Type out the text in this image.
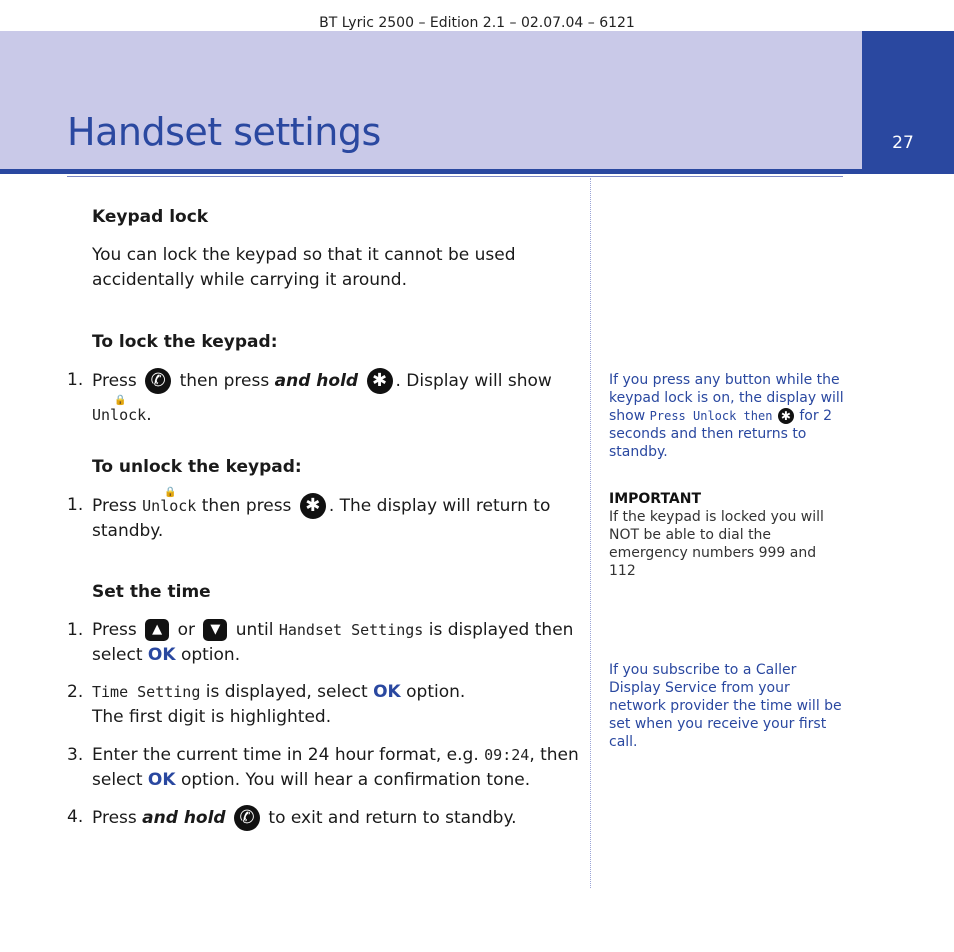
BT Lyric 2500 – Edition 2.1 – 02.07.04 – 6121
27
Handset settings
Keypad lock

You can lock the keypad so that it cannot be used accidentally while carrying it around.

To lock the keypad:
1. Press ✆ then press and hold ✱ . Display will show

🔒
Unlock.
To unlock the keypad:
1. Press
🔒
Unlock then press ✱ . The display will return to standby.
Set the time
1. Press ▲ or ▼ until Handset Settings is displayed then select OK option.
2. Time Setting is displayed, select OK option.
The first digit is highlighted.
3. Enter the current time in 24 hour format, e.g. 09:24, then select OK option. You will hear a confirmation tone.
4. Press and hold ✆ to exit and return to standby.
If you press any button while the keypad lock is on, the display will show Press Unlock then ✱ for 2 seconds and then returns to standby.
IMPORTANT
If the keypad is locked you will NOT be able to dial the emergency numbers 999 and 112
If you subscribe to a Caller Display Service from your network provider the time will be set when you receive your first call.
